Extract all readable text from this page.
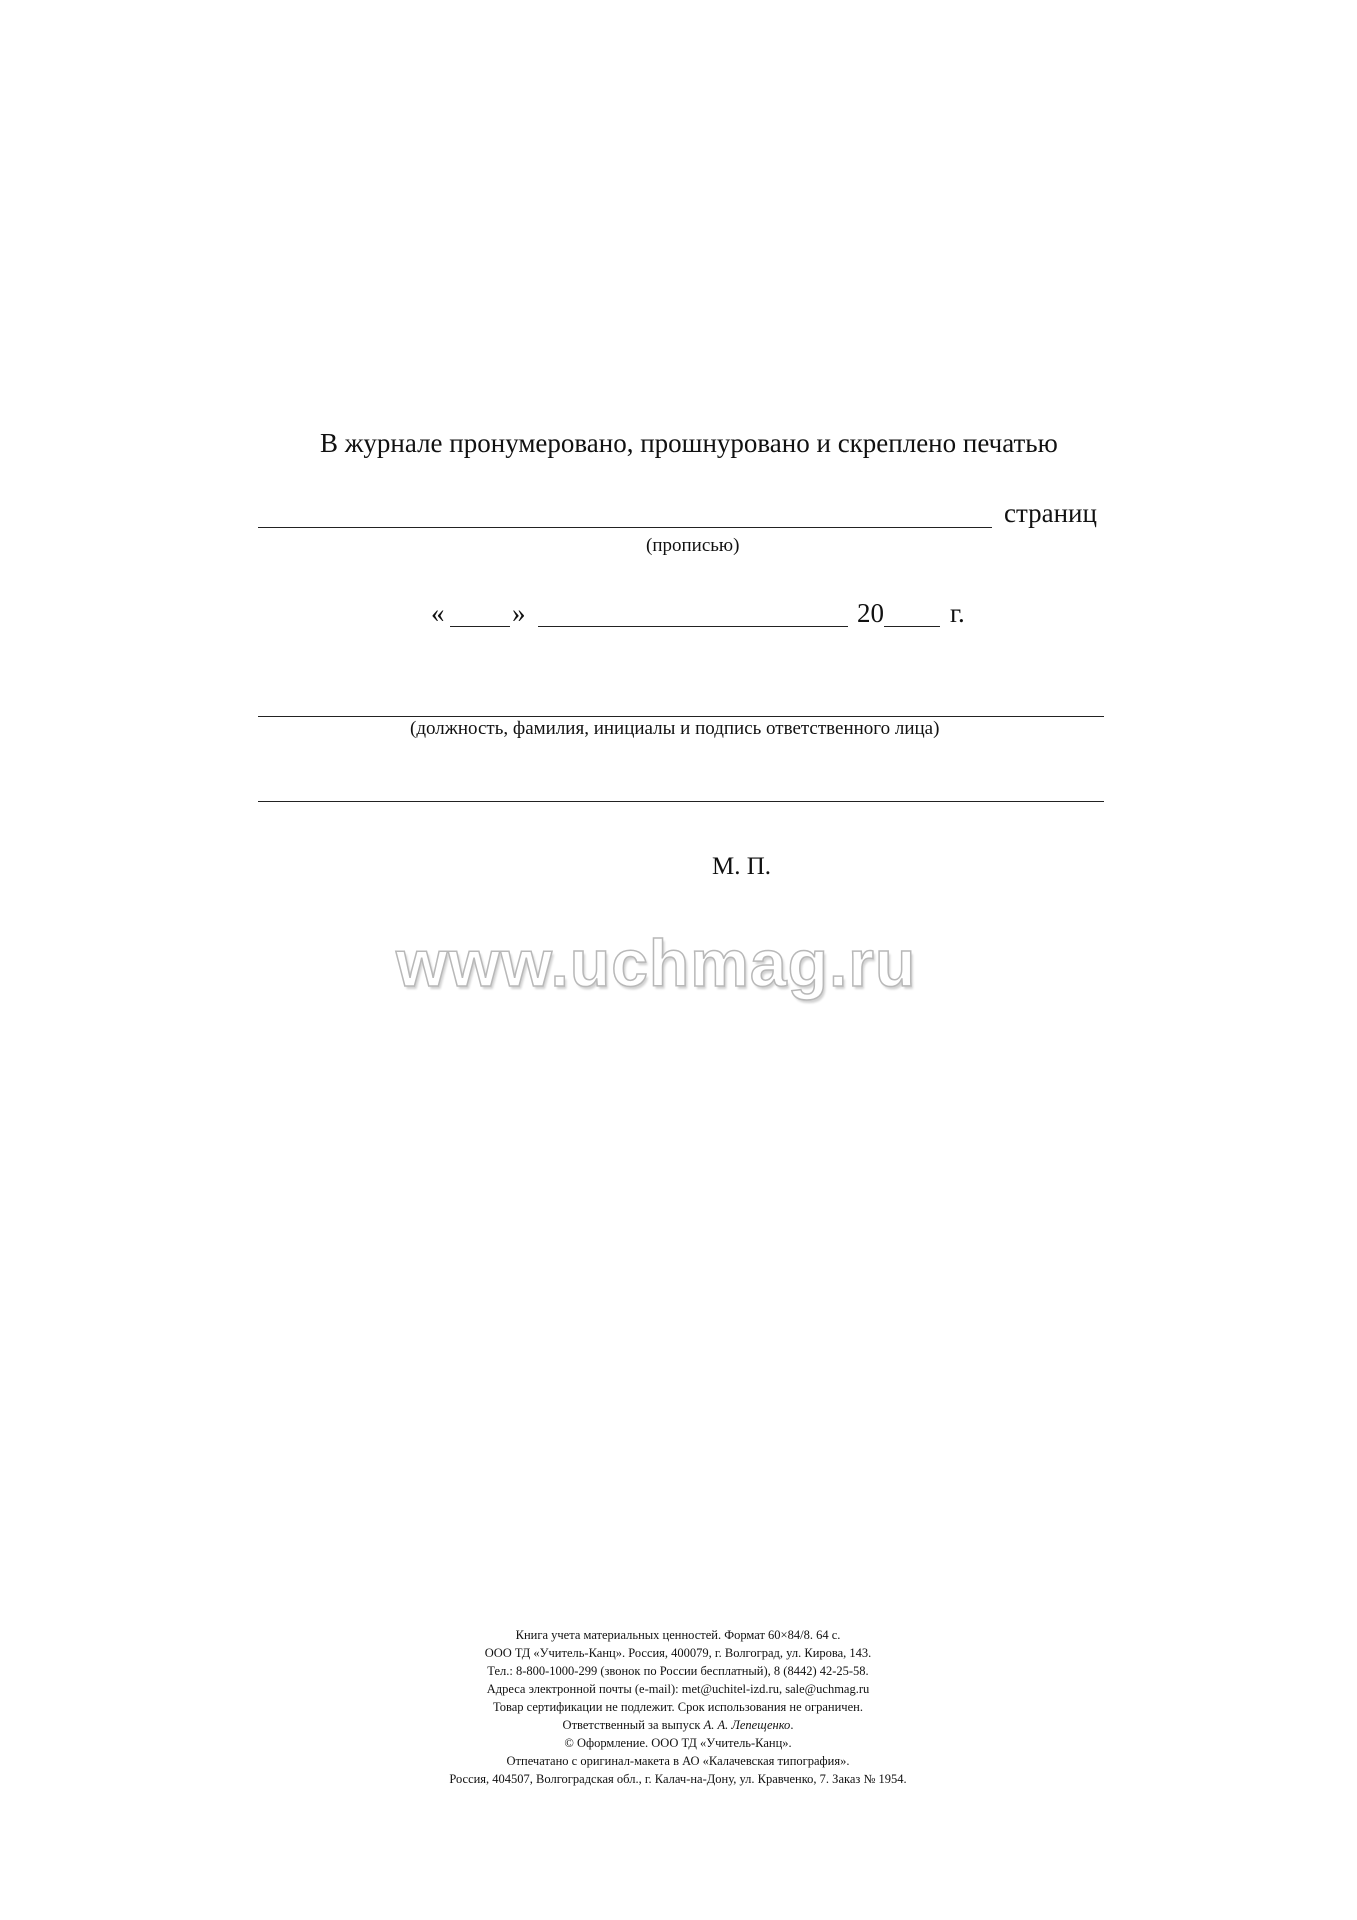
В журнале пронумеровано, прошнуровано и скреплено печатью
страниц
(прописью)
«	»	20 г.
(должность, фамилия, инициалы и подпись ответственного лица)
М. П.
www.uchmag.ru
Книга учета материальных ценностей. Формат 60×84/8. 64 с.
ООО ТД «Учитель-Канц». Россия, 400079, г. Волгоград, ул. Кирова, 143.
Тел.: 8-800-1000-299 (звонок по России бесплатный), 8 (8442) 42-25-58.
Адреса электронной почты (e-mail): met@uchitel-izd.ru, sale@uchmag.ru
Товар сертификации не подлежит. Срок использования не ограничен.
Ответственный за выпуск А. А. Лепещенко.
© Оформление. ООО ТД «Учитель-Канц».
Отпечатано с оригинал-макета в АО «Калачевская типография».
Россия, 404507, Волгоградская обл., г. Калач-на-Дону, ул. Кравченко, 7. Заказ № 1954.
